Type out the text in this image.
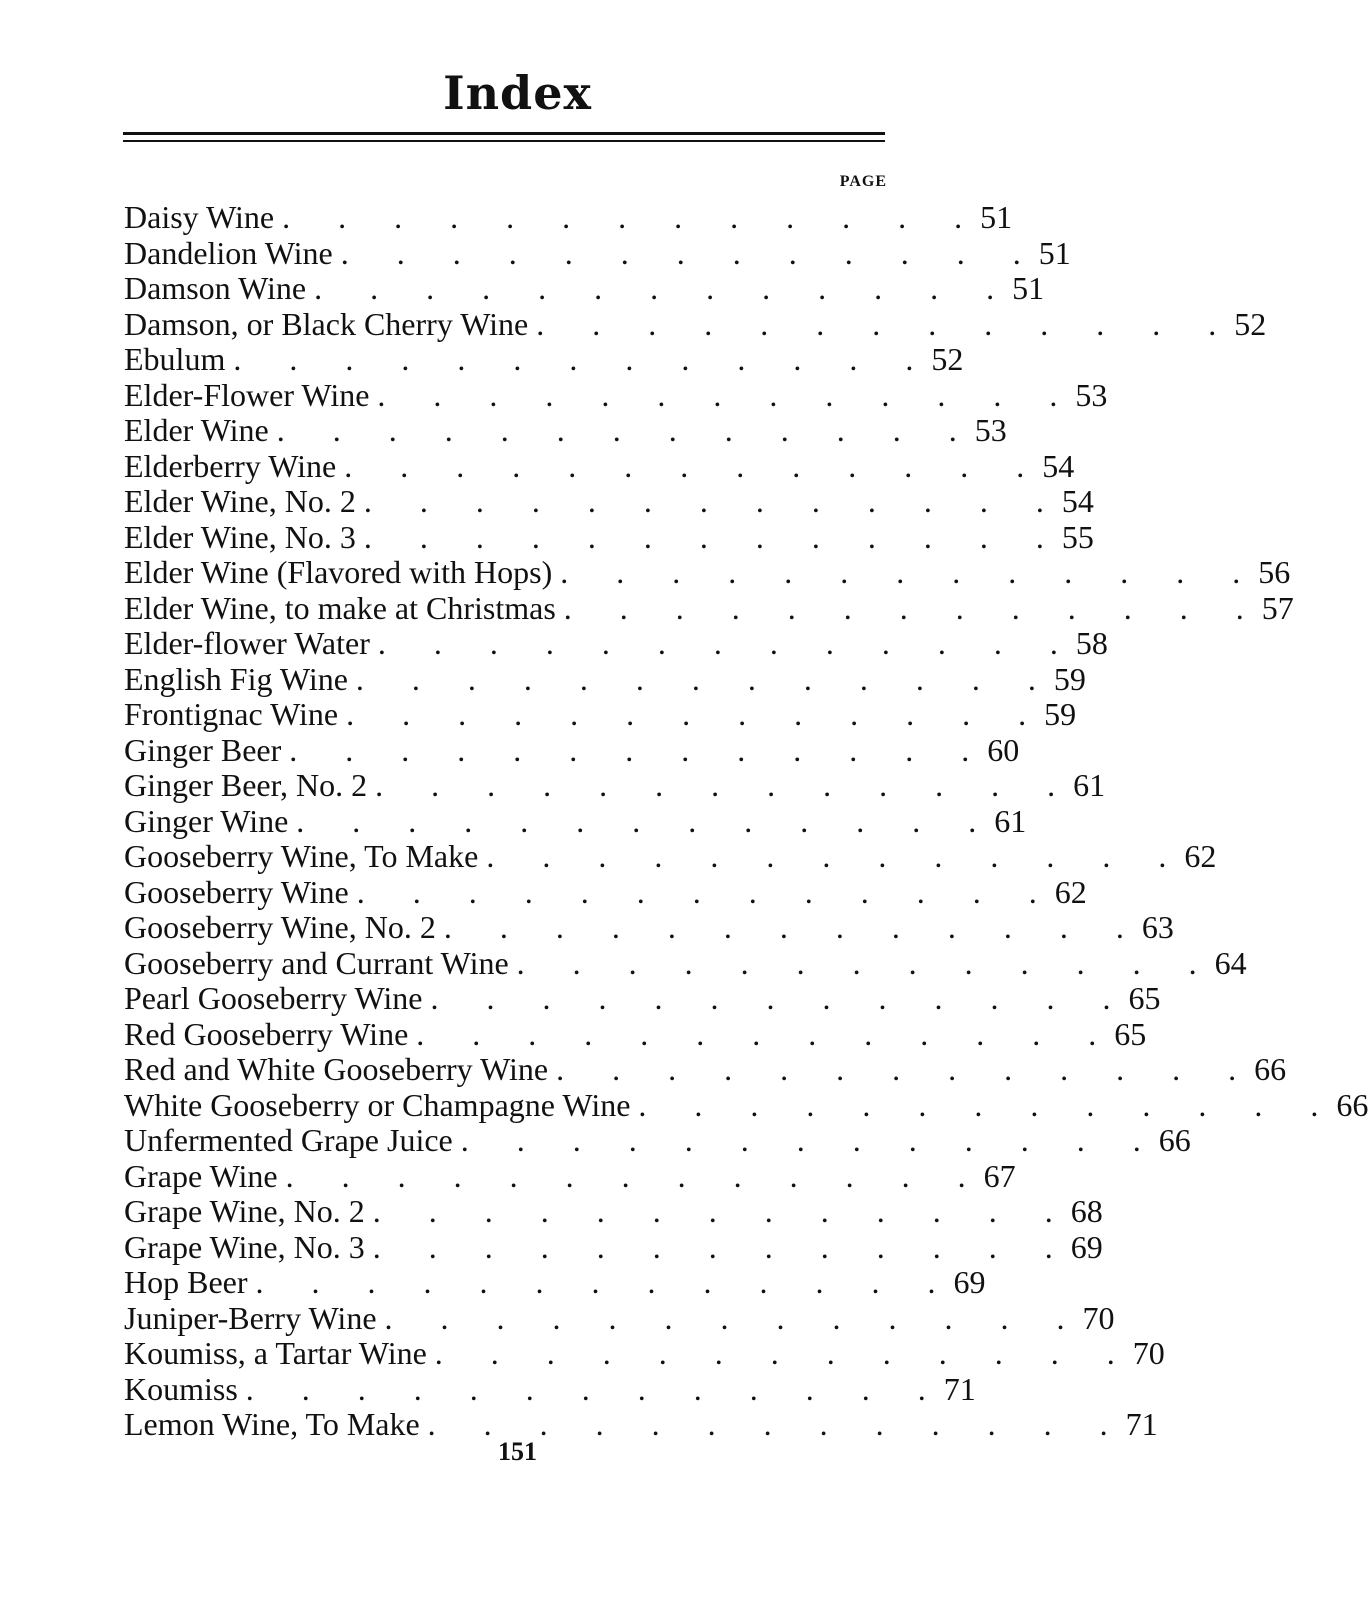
Index
PAGE
Daisy Wine .      .      .      .      .      .      .      .      .      .      .      .      . 51
Dandelion Wine .      .      .      .      .      .      .      .      .      .      .      .      . 51
Damson Wine .      .      .      .      .      .      .      .      .      .      .      .      . 51
Damson, or Black Cherry Wine .      .      .      .      .      .      .      .      .      .      .      .      . 52
Ebulum .      .      .      .      .      .      .      .      .      .      .      .      . 52
Elder-Flower Wine .      .      .      .      .      .      .      .      .      .      .      .      . 53
Elder Wine .      .      .      .      .      .      .      .      .      .      .      .      . 53
Elderberry Wine .      .      .      .      .      .      .      .      .      .      .      .      . 54
Elder Wine, No. 2 .      .      .      .      .      .      .      .      .      .      .      .      . 54
Elder Wine, No. 3 .      .      .      .      .      .      .      .      .      .      .      .      . 55
Elder Wine (Flavored with Hops) .      .      .      .      .      .      .      .      .      .      .      .      . 56
Elder Wine, to make at Christmas .      .      .      .      .      .      .      .      .      .      .      .      . 57
Elder-flower Water .      .      .      .      .      .      .      .      .      .      .      .      . 58
English Fig Wine .      .      .      .      .      .      .      .      .      .      .      .      . 59
Frontignac Wine .      .      .      .      .      .      .      .      .      .      .      .      . 59
Ginger Beer .      .      .      .      .      .      .      .      .      .      .      .      . 60
Ginger Beer, No. 2 .      .      .      .      .      .      .      .      .      .      .      .      . 61
Ginger Wine .      .      .      .      .      .      .      .      .      .      .      .      . 61
Gooseberry Wine, To Make .      .      .      .      .      .      .      .      .      .      .      .      . 62
Gooseberry Wine .      .      .      .      .      .      .      .      .      .      .      .      . 62
Gooseberry Wine, No. 2 .      .      .      .      .      .      .      .      .      .      .      .      . 63
Gooseberry and Currant Wine .      .      .      .      .      .      .      .      .      .      .      .      . 64
Pearl Gooseberry Wine .      .      .      .      .      .      .      .      .      .      .      .      . 65
Red Gooseberry Wine .      .      .      .      .      .      .      .      .      .      .      .      . 65
Red and White Gooseberry Wine .      .      .      .      .      .      .      .      .      .      .      .      . 66
White Gooseberry or Champagne Wine .      .      .      .      .      .      .      .      .      .      .      .      . 66
Unfermented Grape Juice .      .      .      .      .      .      .      .      .      .      .      .      . 66
Grape Wine .      .      .      .      .      .      .      .      .      .      .      .      . 67
Grape Wine, No. 2 .      .      .      .      .      .      .      .      .      .      .      .      . 68
Grape Wine, No. 3 .      .      .      .      .      .      .      .      .      .      .      .      . 69
Hop Beer .      .      .      .      .      .      .      .      .      .      .      .      . 69
Juniper-Berry Wine .      .      .      .      .      .      .      .      .      .      .      .      . 70
Koumiss, a Tartar Wine .      .      .      .      .      .      .      .      .      .      .      .      . 70
Koumiss .      .      .      .      .      .      .      .      .      .      .      .      . 71
Lemon Wine, To Make .      .      .      .      .      .      .      .      .      .      .      .      . 71
151
